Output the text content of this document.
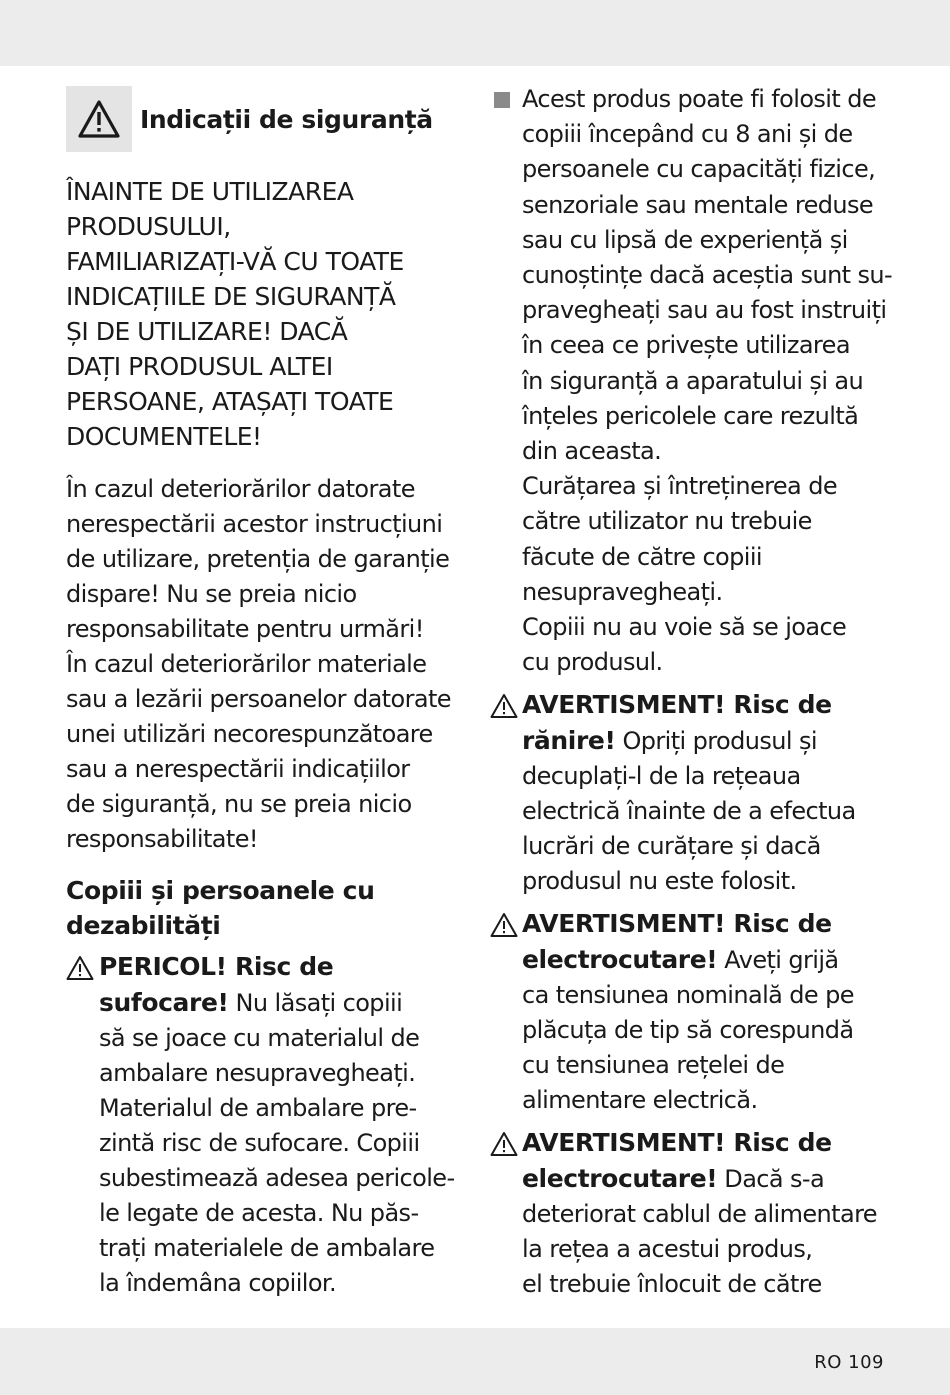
Indicații de siguranță
ÎNAINTE DE UTILIZAREA
PRODUSULUI,
FAMILIARIZAȚI-VĂ CU TOATE
INDICAȚIILE DE SIGURANȚĂ
ȘI DE UTILIZARE! DACĂ
DAȚI PRODUSUL ALTEI
PERSOANE, ATAȘAȚI TOATE
DOCUMENTELE!
În cazul deteriorărilor datorate
nerespectării acestor instrucțiuni
de utilizare, pretenția de garanție
dispare! Nu se preia nicio
responsabilitate pentru urmări!
În cazul deteriorărilor materiale
sau a lezării persoanelor datorate
unei utilizări necorespunzătoare
sau a nerespectării indicațiilor
de siguranță, nu se preia nicio
responsabilitate!
Copiii și persoanele cu
dezabilități
PERICOL! Risc de
sufocare! Nu lăsați copiii
să se joace cu materialul de
ambalare nesupravegheați.
Materialul de ambalare pre-
zintă risc de sufocare. Copiii
subestimează adesea pericole-
le legate de acesta. Nu păs-
trați materialele de ambalare
la îndemâna copiilor.
Acest produs poate fi folosit de
copiii începând cu 8 ani și de
persoanele cu capacități fizice,
senzoriale sau mentale reduse
sau cu lipsă de experiență și
cunoștințe dacă aceștia sunt su-
pravegheați sau au fost instruiți
în ceea ce privește utilizarea
în siguranță a aparatului și au
înțeles pericolele care rezultă
din aceasta.
Curățarea și întreținerea de
către utilizator nu trebuie
făcute de către copiii
nesupravegheați.
Copiii nu au voie să se joace
cu produsul.
AVERTISMENT! Risc de
rănire! Opriți produsul și
decuplați-l de la rețeaua
electrică înainte de a efectua
lucrări de curățare și dacă
produsul nu este folosit.
AVERTISMENT! Risc de
electrocutare! Aveți grijă
ca tensiunea nominală de pe
plăcuța de tip să corespundă
cu tensiunea rețelei de
alimentare electrică.
AVERTISMENT! Risc de
electrocutare! Dacă s-a
deteriorat cablul de alimentare
la rețea a acestui produs,
el trebuie înlocuit de către
RO 109
